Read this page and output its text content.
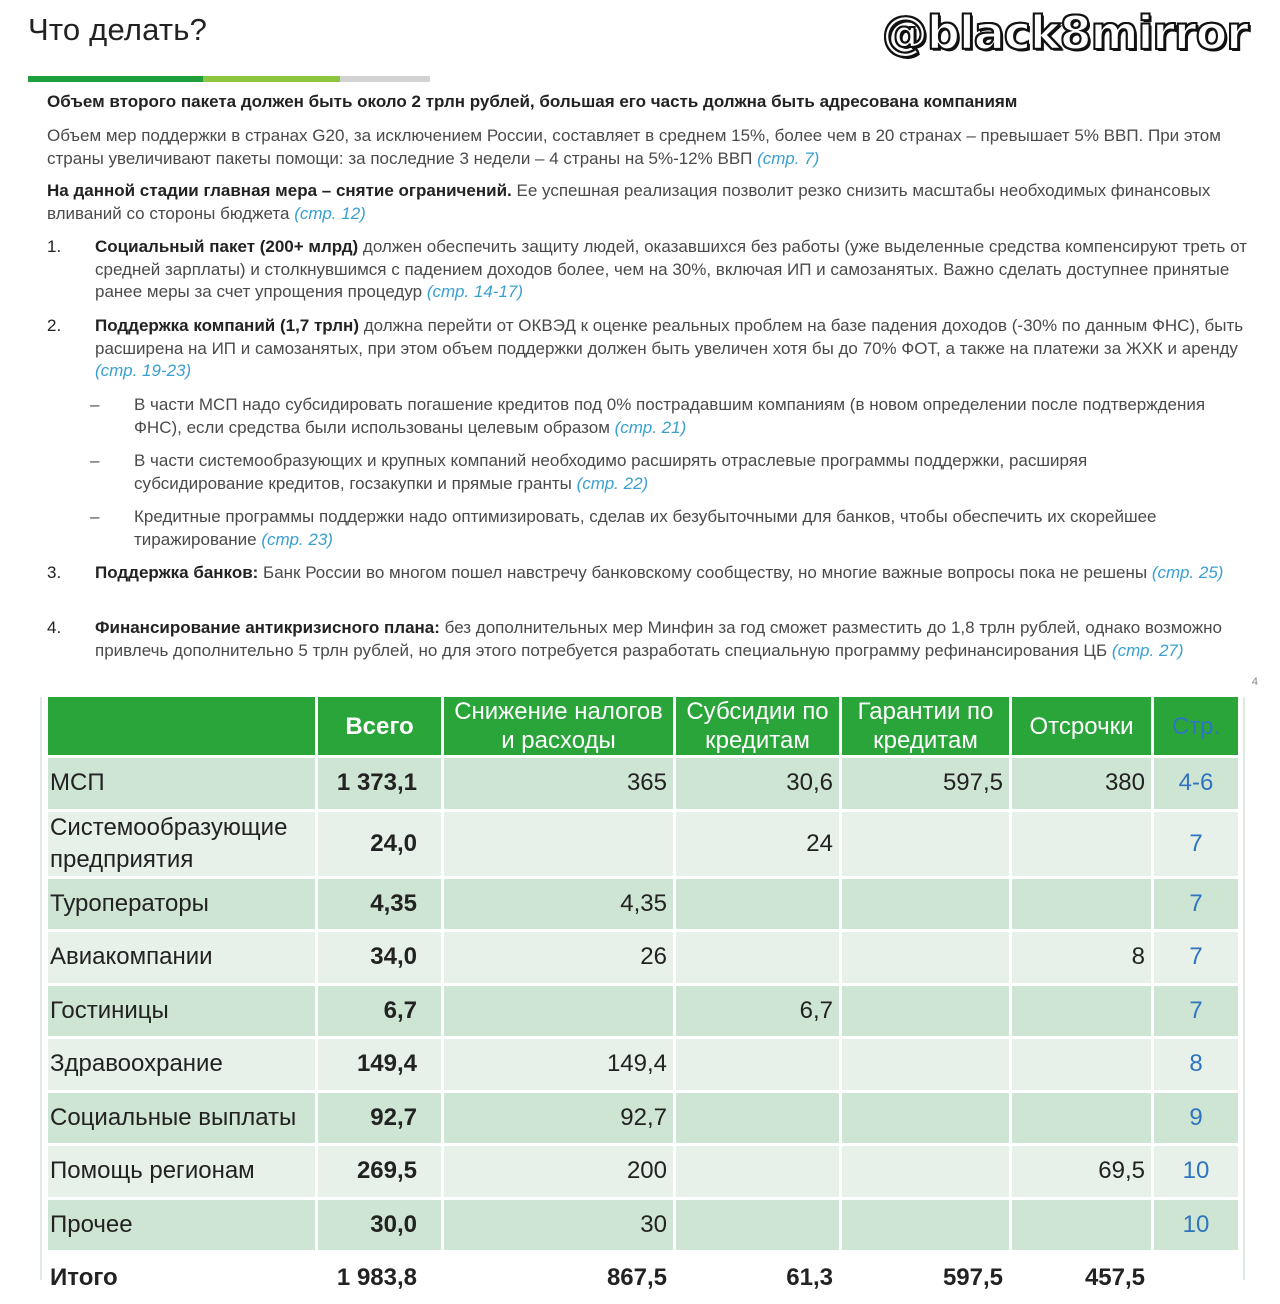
Что делать?	@black8mirror
Объем второго пакета должен быть около 2 трлн рублей, большая его часть должна быть адресована компаниям
Объем мер поддержки в странах G20, за исключением России, составляет в среднем 15%, более чем в 20 странах – превышает 5% ВВП. При этом страны увеличивают пакеты помощи: за последние 3 недели – 4 страны на 5%-12% ВВП (стр. 7)
На данной стадии главная мера – снятие ограничений. Ее успешная реализация позволит резко снизить масштабы необходимых финансовых вливаний со стороны бюджета (стр. 12)
1. Социальный пакет (200+ млрд) должен обеспечить защиту людей, оказавшихся без работы (уже выделенные средства компенсируют треть от средней зарплаты) и столкнувшимся с падением доходов более, чем на 30%, включая ИП и самозанятых. Важно сделать доступнее принятые ранее меры за счет упрощения процедур (стр. 14-17)
2. Поддержка компаний (1,7 трлн) должна перейти от ОКВЭД к оценке реальных проблем на базе падения доходов (-30% по данным ФНС), быть расширена на ИП и самозанятых, при этом объем поддержки должен быть увеличен хотя бы до 70% ФОТ, а также на платежи за ЖХК и аренду (стр. 19-23)
– В части МСП надо субсидировать погашение кредитов под 0% пострадавшим компаниям (в новом определении после подтверждения ФНС), если средства были использованы целевым образом (стр. 21)
– В части системообразующих и крупных компаний необходимо расширять отраслевые программы поддержки, расширяя субсидирование кредитов, госзакупки и прямые гранты (стр. 22)
– Кредитные программы поддержки надо оптимизировать, сделав их безубыточными для банков, чтобы обеспечить их скорейшее тиражирование (стр. 23)
3. Поддержка банков: Банк России во многом пошел навстречу банковскому сообществу, но многие важные вопросы пока не решены (стр. 25)
4. Финансирование антикризисного плана: без дополнительных мер Минфин за год сможет разместить до 1,8 трлн рублей, однако возможно привлечь дополнительно 5 трлн рублей, но для этого потребуется разработать специальную программу рефинансирования ЦБ (стр. 27)
4
	Всего	Снижение налогов и расходы	Субсидии по кредитам	Гарантии по кредитам	Отсрочки	Стр.
МСП	1 373,1	365	30,6	597,5	380	4-6
Системообразующие предприятия	24,0		24			7
Туроператоры	4,35	4,35				7
Авиакомпании	34,0	26			8	7
Гостиницы	6,7		6,7			7
Здравоохрание	149,4	149,4				8
Социальные выплаты	92,7	92,7				9
Помощь регионам	269,5	200			69,5	10
Прочее	30,0	30				10
Итого	1 983,8	867,5	61,3	597,5	457,5	
